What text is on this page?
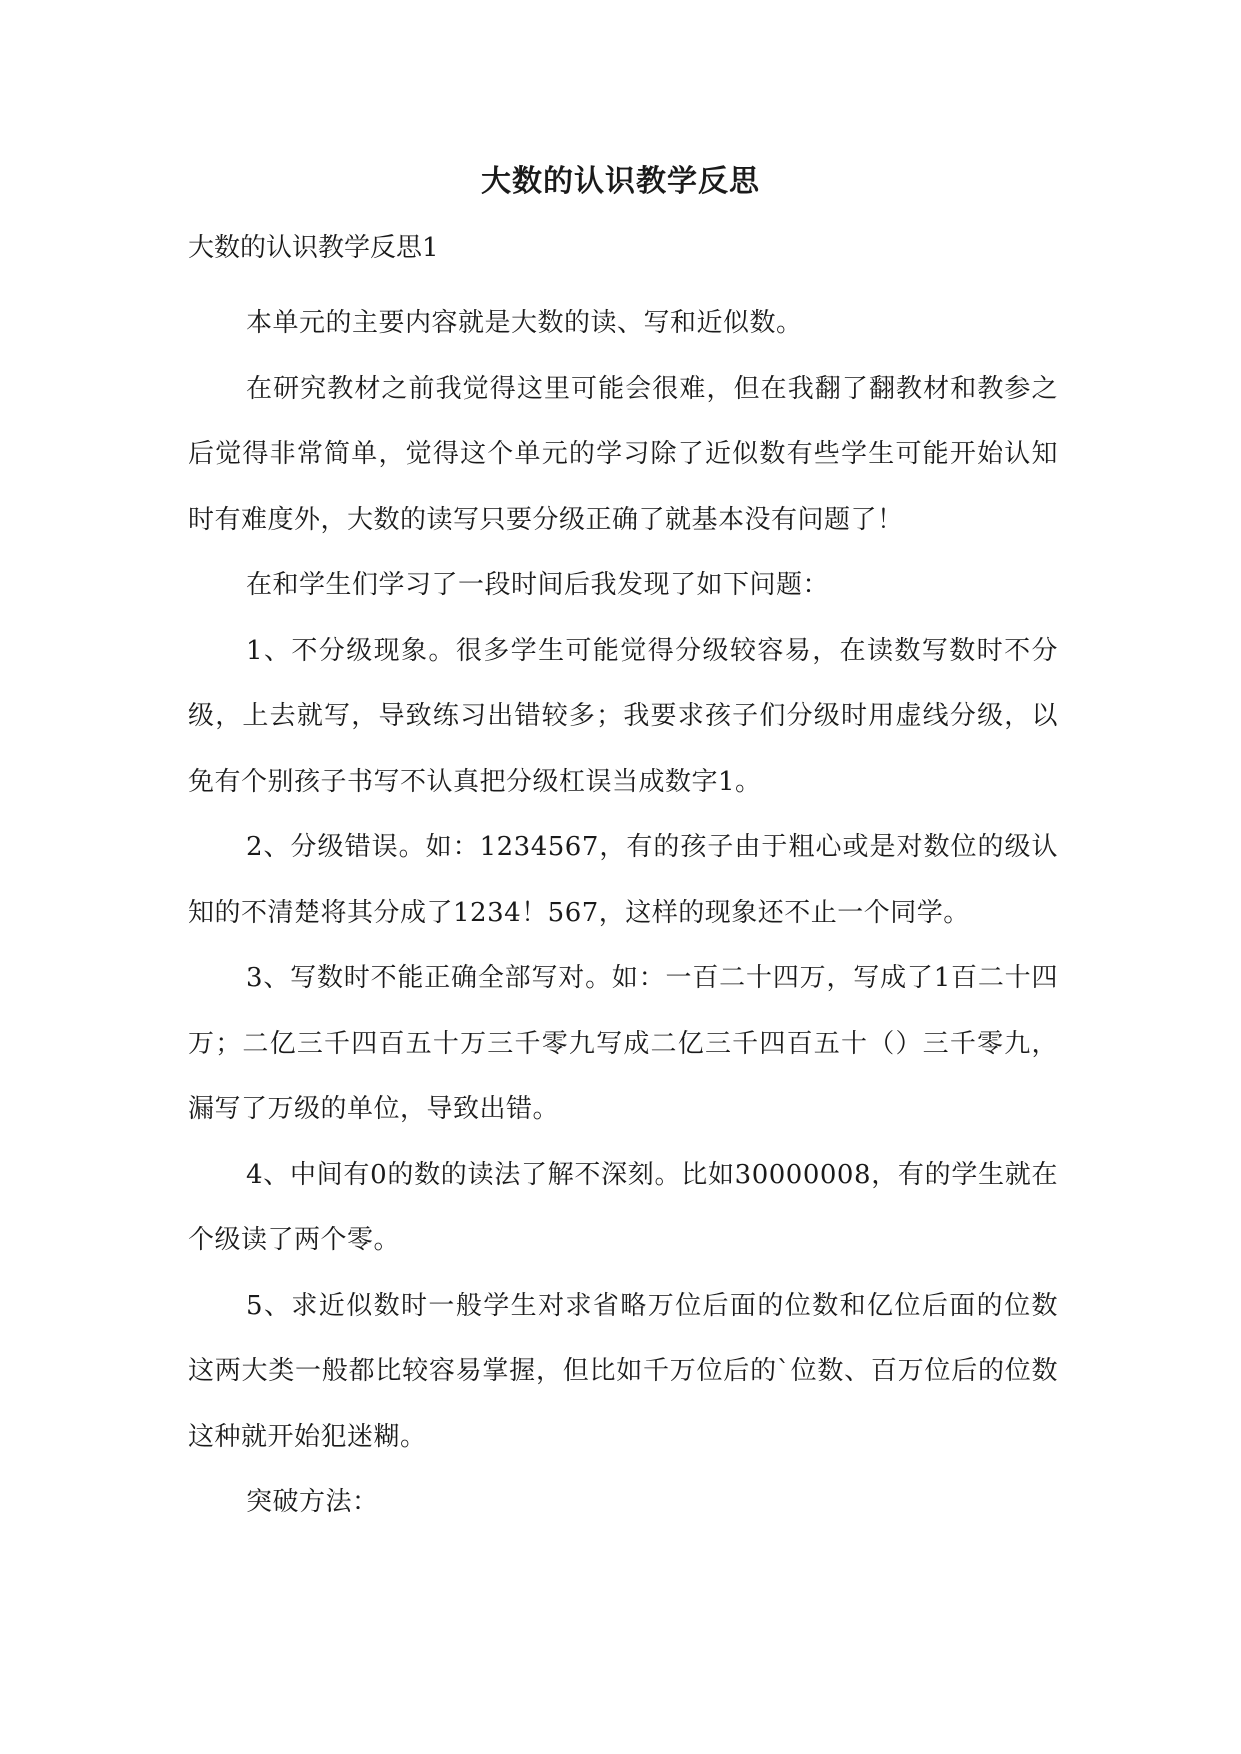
大数的认识教学反思
大数的认识教学反思1

本单元的主要内容就是大数的读、写和近似数。

在研究教材之前我觉得这里可能会很难，但在我翻了翻教材和教参之后觉得非常简单，觉得这个单元的学习除了近似数有些学生可能开始认知时有难度外，大数的读写只要分级正确了就基本没有问题了！

在和学生们学习了一段时间后我发现了如下问题：

1、不分级现象。很多学生可能觉得分级较容易，在读数写数时不分级，上去就写，导致练习出错较多；我要求孩子们分级时用虚线分级，以免有个别孩子书写不认真把分级杠误当成数字1。

2、分级错误。如：1234567，有的孩子由于粗心或是对数位的级认知的不清楚将其分成了1234！567，这样的现象还不止一个同学。

3、写数时不能正确全部写对。如：一百二十四万，写成了1百二十四万；二亿三千四百五十万三千零九写成二亿三千四百五十（）三千零九，漏写了万级的单位，导致出错。

4、中间有0的数的读法了解不深刻。比如30000008，有的学生就在个级读了两个零。

5、求近似数时一般学生对求省略万位后面的位数和亿位后面的位数这两大类一般都比较容易掌握，但比如千万位后的`位数、百万位后的位数这种就开始犯迷糊。

突破方法：
